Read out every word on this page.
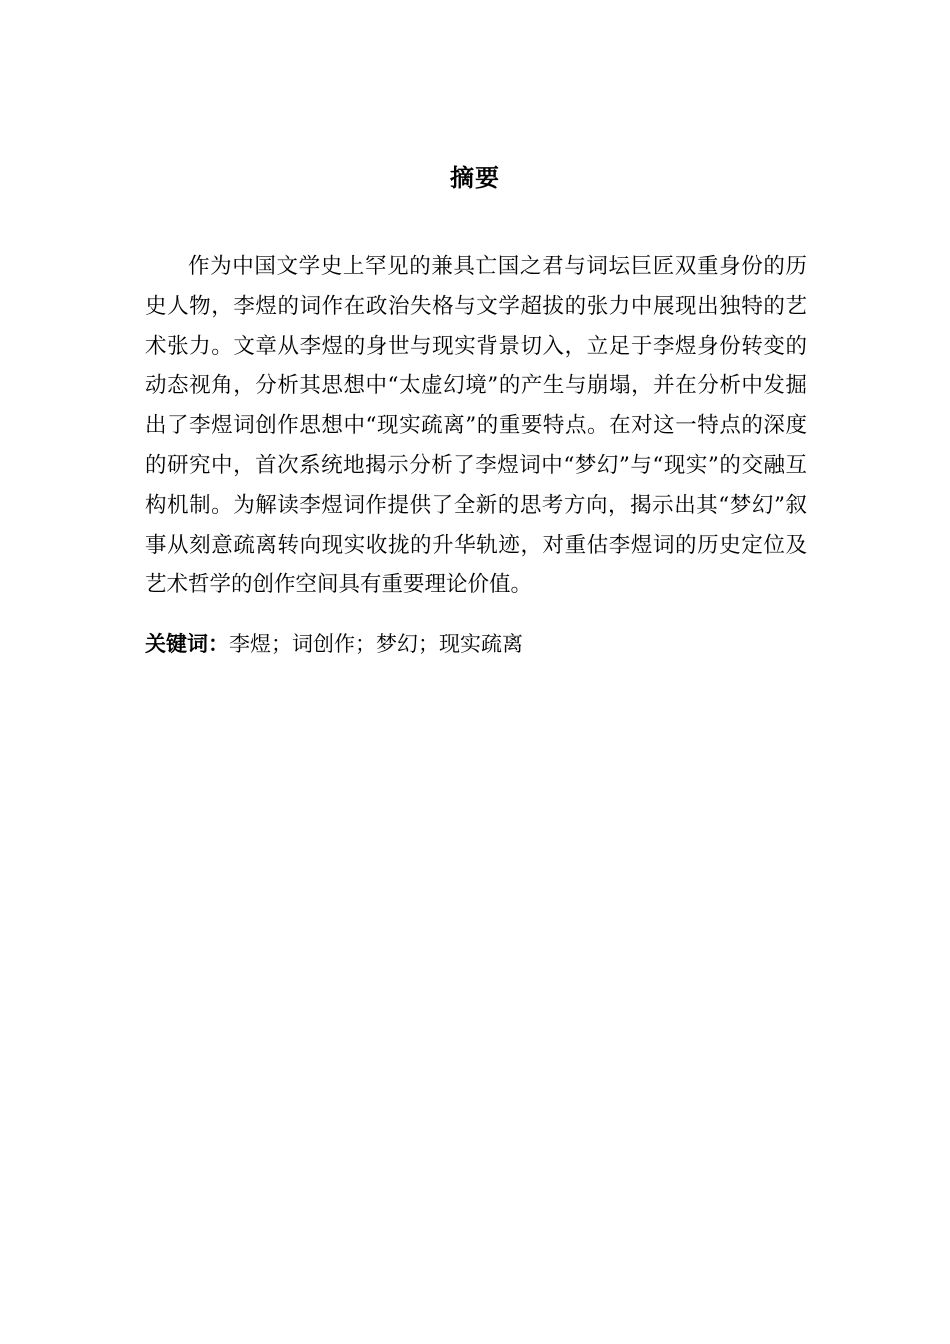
摘要

作为中国文学史上罕见的兼具亡国之君与词坛巨匠双重身份的历史人物，李煜的词作在政治失格与文学超拔的张力中展现出独特的艺术张力。文章从李煜的身世与现实背景切入，立足于李煜身份转变的动态视角，分析其思想中“太虚幻境”的产生与崩塌，并在分析中发掘出了李煜词创作思想中“现实疏离”的重要特点。在对这一特点的深度的研究中，首次系统地揭示分析了李煜词中“梦幻”与“现实”的交融互构机制。为解读李煜词作提供了全新的思考方向，揭示出其“梦幻”叙事从刻意疏离转向现实收拢的升华轨迹，对重估李煜词的历史定位及艺术哲学的创作空间具有重要理论价值。

关键词：李煜；词创作；梦幻；现实疏离
